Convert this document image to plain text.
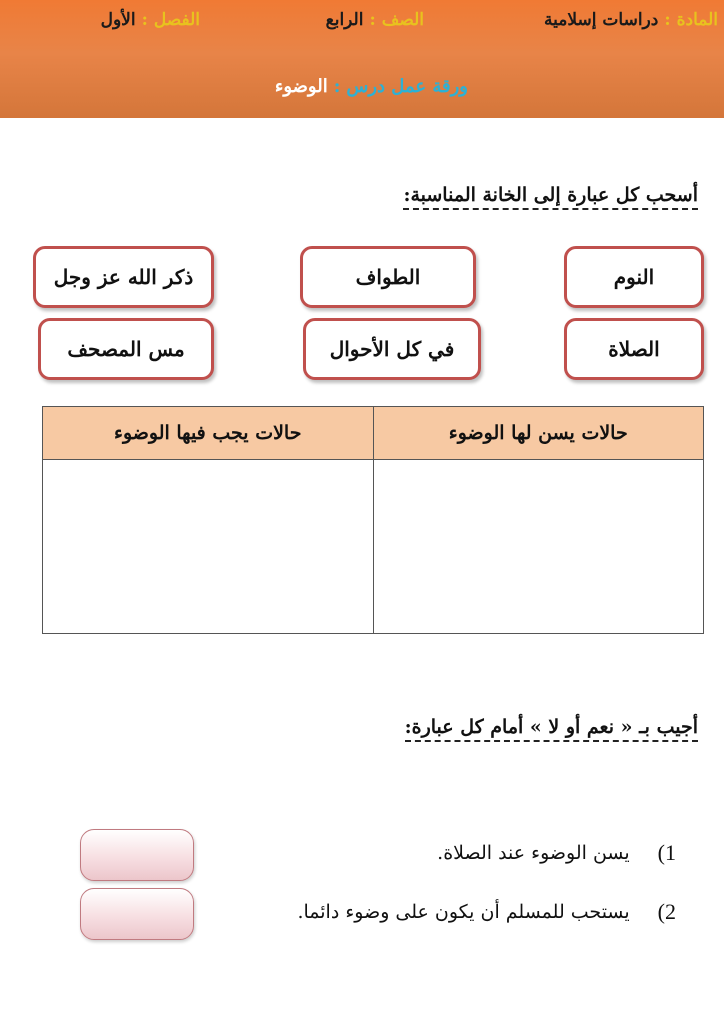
المادة:دراسات إسلامية
الصف:الرابع
الفصل:الأول
ورقة عمل درس:الوضوء
أسحب كل عبارة إلى الخانة المناسبة:
النوم
الطواف
ذكر الله عز وجل
الصلاة
في كل الأحوال
مس المصحف
حالات يسن لها الوضوء	حالات يجب فيها الوضوء

أجيب بـ « نعم أو لا » أمام كل عبارة:
1)
يسن الوضوء عند الصلاة.
2)
يستحب للمسلم أن يكون على وضوء دائما.
